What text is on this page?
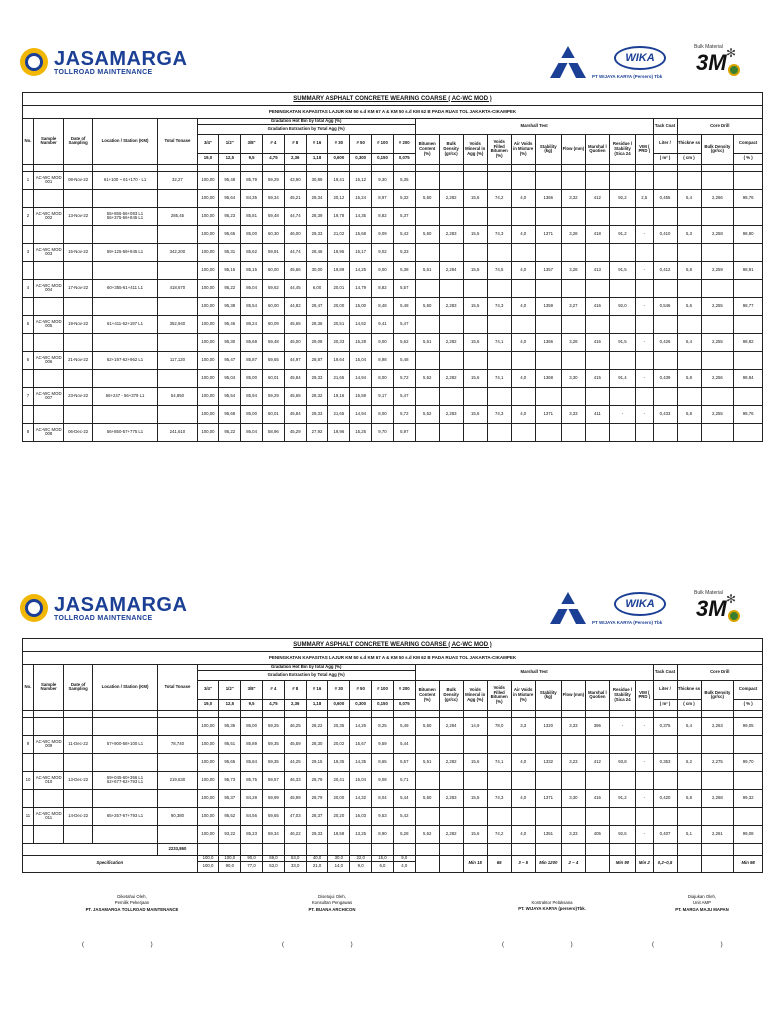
JASAMARGA
TOLLROAD MAINTENANCE
WIKA
PT WIJAYA KARYA (Persero) Tbk
Bulk Material
3M ✻
SUMMARY ASPHALT CONCRETE WEARING COARSE ( AC-WC MOD )																												
PENINGKATAN KAPASITAS LAJUR KM 50 s.d KM 67 A & KM 50 s.d KM 62 B PADA RUAS TOL JAKARTA-CIKAMPEK																												
No.	Sample Number	Date of Sampling	Location / Station (KM)	Total Tonase	Gradation Hot Bin by total Agg (%)										Marshall Test										Tack Coat	Core Drill		
					Gradation Extraction by Total Agg (%)																							
					3/4"	1/2"	3/8"	# 4	# 8	# 16	# 30	# 50	# 100	# 200	Bitumen Content (%)	Bulk Density (gr/cc)	Voids Mineral in Agg (%)	Voids Filled Bitumen (%)	Air Voids in Mixture (%)	Stability (kg)	Flow (mm)	Marshal l Quotien	Residue l Stability (Sica 24	VIM ( PRD )	Liter /	Thickne ss	Bulk Density (gr/cc)	Compact
					19,0	12,5	9,5	4,75	2,36	1,18	0,600	0,300	0,150	0,075											( m² )	( cm )		( % )

1	AC-WC MOD 001	08-Nov-22	61+100 ~ 61+170 - L1	32,27	100,00	95,48	85,79	59,29	43,90	30,89	19,41	15,12	9,30	5,35														
					100,00	95,64	84,35	59,34	45,21	29,34	20,12	15,24	8,97	5,32	5,50	2,282	15,6	74,2	4,0	1366	3,32	412	92,2	2,5	0,455	5,4	2,266	98,76
2	AC-WC MOD 002	13-Nov-22	55+855-56+083 L1
56+375-56+845 L1	285,45	100,00	95,23	85,81	59,48	44,74	28,39	19,78	14,35	8,82	5,37														
					100,00	95,65	85,00	60,30	46,00	29,33	21,02	15,68	9,09	5,42	5,50	2,283	15,5	74,3	4,0	1371	3,28	418	91,2	-	0,410	5,3	2,258	98,80
3	AC-WC MOD 003	15-Nov-22	59+125-59+945 L1	342,200	100,00	95,31	85,62	59,91	44,74	28,46	19,95	15,17	9,02	5,33														
					100,00	95,15	85,15	60,00	45,66	30,00	19,89	14,25	9,00	5,38	5,51	2,284	15,5	74,5	4,0	1357	3,28	413	91,5	-	0,412	5,8	2,259	98,91
4	AC-WC MOD 004	17-Nov-22	60+355-61+411 L1	418,670	100,00	95,22	86,04	59,62	44,45	6,00	20,01	14,79	8,82	5,57														
					100,00	95,38	85,54	60,00	44,82	28,47	20,00	15,00	8,48	5,48	5,50	2,283	15,5	74,3	4,0	1359	3,27	416	92,0	-	0,546	5,6	2,255	98,77
5	AC-WC MOD 005	19-Nov-22	61+411-62+197 L1	352,940	100,00	95,46	86,24	60,09	45,65	28,36	20,51	14,62	9,41	5,47														
					100,00	95,30	85,68	59,48	45,00	29,08	20,33	15,28	9,00	5,62	5,51	2,282	15,6	74,1	4,0	1366	3,28	416	91,5	-	0,426	6,4	2,255	98,82
6	AC-WC MOD 006	21-Nov-22	62+197-62+962 L1	117,120	100,00	95,47	85,87	59,65	44,97	28,87	19,64	15,04	8,98	5,48														
					100,00	95,04	85,00	60,01	45,84	29,33	21,65	14,94	8,00	5,72	5,52	2,282	15,6	74,1	4,0	1368	3,30	415	91,4	-	0,439	5,8	2,256	98,84
7	AC-WC MOD 007	23-Nov-22	56+247 - 56+379 L1	54,850	100,00	95,54	85,94	59,29	45,65	28,32	19,16	15,59	9,17	5,47														
					100,00	95,68	85,00	60,01	45,84	29,33	21,65	14,94	8,00	5,72	5,52	2,283	15,6	74,3	4,0	1371	3,33	411	-	-	0,433	5,8	2,255	98,76
8	AC-WC MOD 008	06-Dec-22	56+850-57+775 L1	241,610	100,00	95,22	86,04	58,96	45,29	27,92	19,96	15,25	9,70	5,97														
JASAMARGA
TOLLROAD MAINTENANCE
WIKA
PT WIJAYA KARYA (Persero) Tbk
Bulk Material
3M ✻
SUMMARY ASPHALT CONCRETE WEARING COARSE ( AC-WC MOD )																												
PENINGKATAN KAPASITAS LAJUR KM 50 s.d KM 67 A & KM 50 s.d KM 62 B PADA RUAS TOL JAKARTA-CIKAMPEK																												
No.	Sample Number	Date of Sampling	Location / Station (KM)	Total Tonase	Gradation Hot Bin by total Agg (%)										Marshall Test										Tack Coat	Core Drill		
					Gradation Extraction by Total Agg (%)																							
					3/4"	1/2"	3/8"	# 4	# 8	# 16	# 30	# 50	# 100	# 200	Bitumen Content (%)	Bulk Density (gr/cc)	Voids Mineral in Agg (%)	Voids Filled Bitumen (%)	Air Voids in Mixture (%)	Stability (kg)	Flow (mm)	Marshal l Quotien	Residue l Stability (Sica 24	VIM ( PRD )	Liter /	Thickne ss	Bulk Density (gr/cc)	Compact
					19,0	12,5	9,5	4,75	2,36	1,18	0,600	0,300	0,150	0,075											( m² )	( cm )		( % )

					100,00	95,35	86,00	59,25	46,25	28,22	20,35	14,26	8,25	5,49	5,50	2,284	14,9	78,0	3,3	1320	3,33	396	-	-	0,375	5,4	2,263	99,05
9	AC-WC MOD 009	11-Dec-22	57+900-58+100 L1	78,740	100,00	95,51	85,89	59,35	45,59	28,30	20,02	15,67	9,59	5,44														
					100,00	95,65	85,84	59,35	44,25	29,15	19,35	14,35	8,65	5,57	5,51	2,282	15,6	74,1	4,0	1332	3,23	412	93,8	-	0,353	6,2	2,275	99,70
10	AC-WC MOD 010	13-Dec-22	59+045-60+356 L1
62+677-62+793 L1	219,630	100,00	95,73	85,75	59,57	46,33	28,79	20,41	15,04	9,08	5,71														
					100,00	95,37	84,28	59,99	45,99	28,79	20,00	14,32	8,04	5,44	5,50	2,283	15,5	74,3	4,0	1371	3,30	416	91,2	-	0,420	5,8	2,268	99,32
11	AC-WC MOD 011	14-Dec-22	65+257-67+793 L1	90,380	100,00	95,52	84,56	59,65	47,03	28,37	20,20	16,03	9,53	5,42														
					100,00	93,22	85,23	59,34	46,22	29,33	19,58	13,25	8,90	5,28	5,52	2,282	15,6	74,2	4,0	1351	3,33	405	92,6	-	0,407	5,1	2,261	99,08
				2233,860																								
Specification					100,0	100,0	90,0	69,0	53,0	40,0	30,0	22,0	15,0	9,0			Min 15	65	3 ~ 5	Min 1200	2 ~ 4		Min 90	Min 2	0,2~0,5			Min 98
					100,0	90,0	77,0	53,0	33,0	21,0	14,0	9,0	6,0	4,0														
Diketahui Oleh,
Pemilik Pekerjaan
PT. JASAMARGA TOLLROAD MAINTENANCE
(                                        )
Disetujui Oleh,
Konsultan Pengawas
PT. BUANA ARCHICON
(                                        )
Kontraktor Pelaksana
PT. WIJAYA KARYA (persero)Tbk.
(                                        )
Diajukan Oleh,
Unit AMP
PT. MARGA MAJU MAPAN
(                                        )
